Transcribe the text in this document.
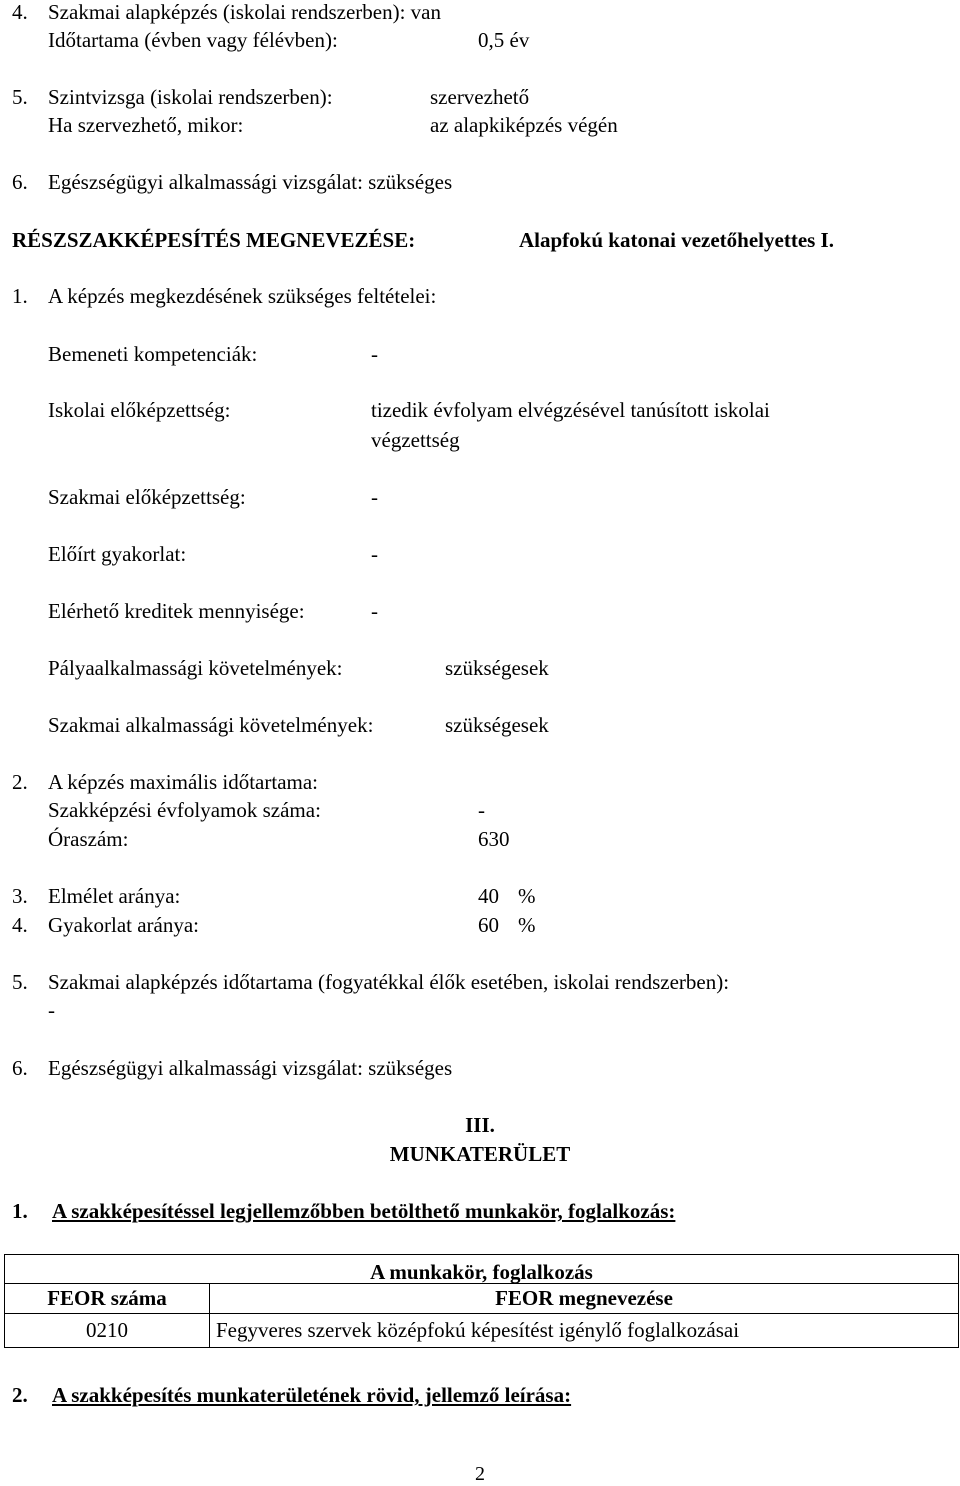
4. Szakmai alapképzés (iskolai rendszerben): van
Időtartama (évben vagy félévben):	0,5 év
5. Szintvizsga (iskolai rendszerben):	szervezhető
Ha szervezhető, mikor:	az alapkiképzés végén
6. Egészségügyi alkalmassági vizsgálat: szükséges
RÉSZSZAKKÉPESÍTÉS MEGNEVEZÉSE:	Alapfokú katonai vezetőhelyettes I.
1. A képzés megkezdésének szükséges feltételei:
Bemeneti kompetenciák:	-
Iskolai előképzettség:	tizedik évfolyam elvégzésével tanúsított iskolai
végzettség
Szakmai előképzettség:	-
Előírt gyakorlat:	-
Elérhető kreditek mennyisége:	-
Pályaalkalmassági követelmények:	szükségesek
Szakmai alkalmassági követelmények:	szükségesek
2. A képzés maximális időtartama:
Szakképzési évfolyamok száma:	-
Óraszám:	630
3. Elmélet aránya:	40 %
4. Gyakorlat aránya:	60 %
5. Szakmai alapképzés időtartama (fogyatékkal élők esetében, iskolai rendszerben):
-
6. Egészségügyi alkalmassági vizsgálat: szükséges
III.
MUNKATERÜLET
1. A szakképesítéssel legjellemzőbben betölthető munkakör, foglalkozás:
A munkakör, foglalkozás	
FEOR száma	FEOR megnevezése
0210	Fegyveres szervek középfokú képesítést igénylő foglalkozásai
2. A szakképesítés munkaterületének rövid, jellemző leírása:
2
